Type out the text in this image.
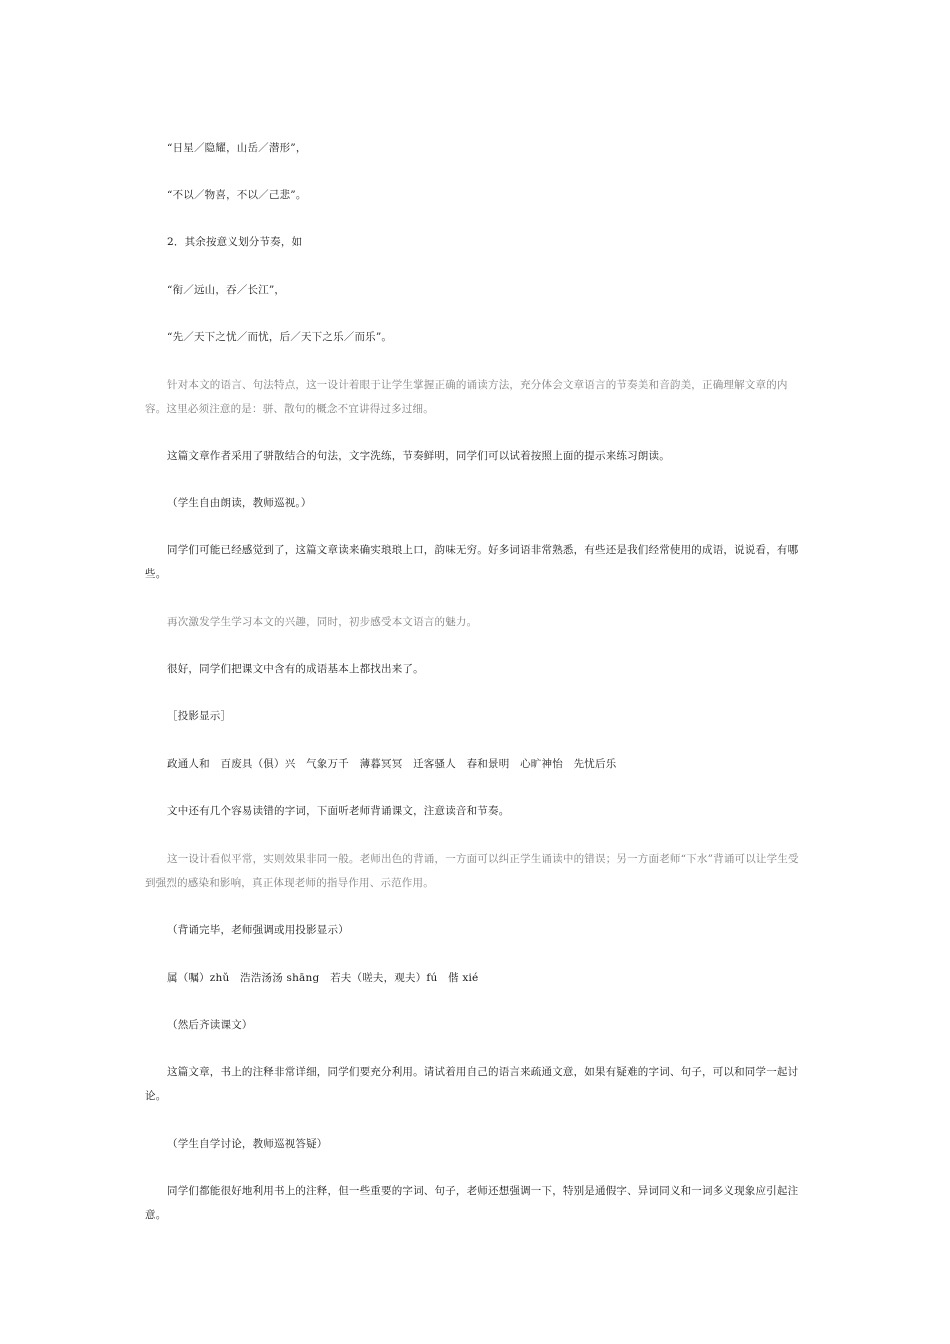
“日星／隐耀，山岳／潜形”，

“不以／物喜，不以／己悲”。

2．其余按意义划分节奏，如

“衔／远山，吞／长江”，

“先／天下之忧／而忧，后／天下之乐／而乐”。

针对本文的语言、句法特点，这一设计着眼于让学生掌握正确的诵读方法，充分体会文章语言的节奏美和音韵美，正确理解文章的内容。这里必须注意的是：骈、散句的概念不宜讲得过多过细。

这篇文章作者采用了骈散结合的句法，文字洗练，节奏鲜明，同学们可以试着按照上面的提示来练习朗读。

（学生自由朗读，教师巡视。）

同学们可能已经感觉到了，这篇文章读来确实琅琅上口，韵味无穷。好多词语非常熟悉，有些还是我们经常使用的成语，说说看，有哪些。

再次激发学生学习本文的兴趣，同时，初步感受本文语言的魅力。

很好，同学们把课文中含有的成语基本上都找出来了。

［投影显示］

政通人和　百废具（俱）兴　气象万千　薄暮冥冥　迁客骚人　春和景明　心旷神怡　先忧后乐

文中还有几个容易读错的字词，下面听老师背诵课文，注意读音和节奏。

这一设计看似平常，实则效果非同一般。老师出色的背诵，一方面可以纠正学生诵读中的错误；另一方面老师“下水”背诵可以让学生受到强烈的感染和影响，真正体现老师的指导作用、示范作用。

（背诵完毕，老师强调或用投影显示）

属（嘱）zhǔ　浩浩汤汤 shāng　若夫（嗟夫，观夫）fú　偕 xié

（然后齐读课文）

这篇文章，书上的注释非常详细，同学们要充分利用。请试着用自己的语言来疏通文意，如果有疑难的字词、句子，可以和同学一起讨论。

（学生自学讨论，教师巡视答疑）

同学们都能很好地利用书上的注释，但一些重要的字词、句子，老师还想强调一下，特别是通假字、异词同义和一词多义现象应引起注意。
